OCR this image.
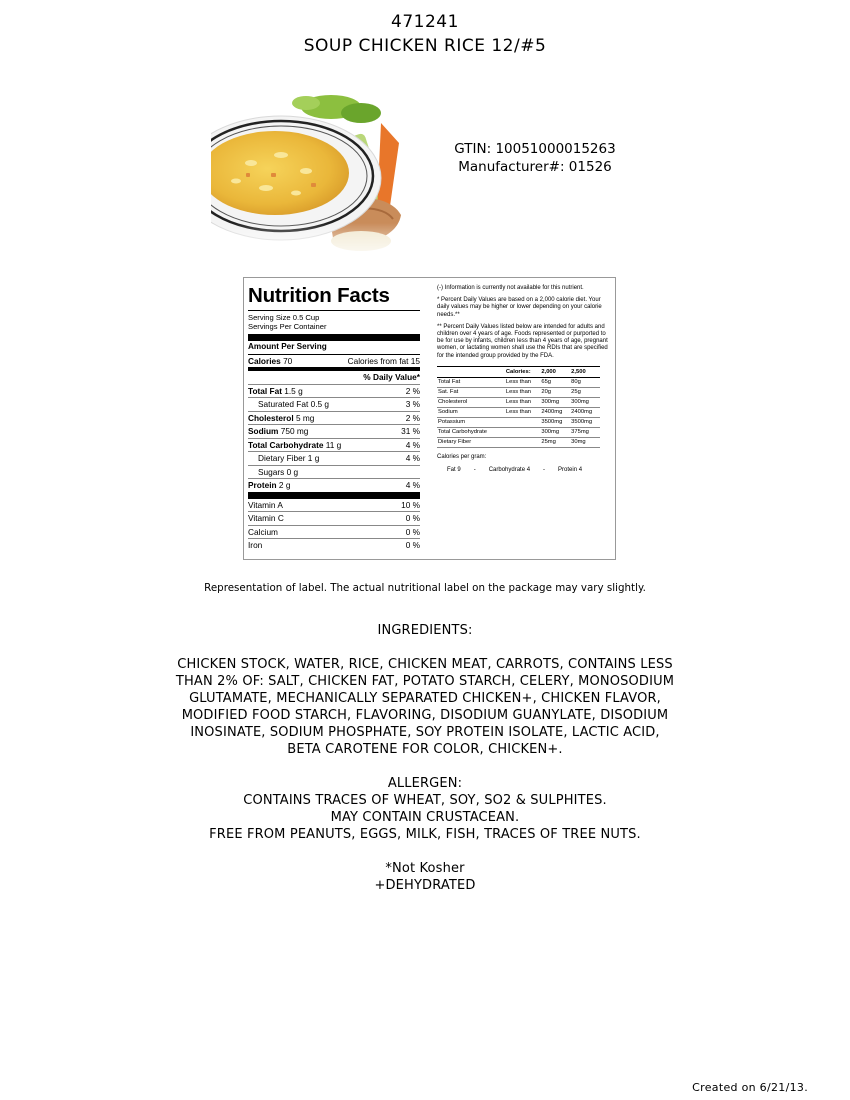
471241
SOUP CHICKEN RICE 12/#5
GTIN: 10051000015263
Manufacturer#: 01526
Nutrition Facts
Serving Size 0.5 Cup
Servings Per Container
Amount Per Serving
Calories 70	Calories from fat 15
% Daily Value*
Total Fat 1.5 g	2 %
Saturated Fat 0.5 g	3 %
Cholesterol 5 mg	2 %
Sodium 750 mg	31 %
Total Carbohydrate 11 g	4 %
Dietary Fiber 1 g	4 %
Sugars 0 g
Protein 2 g	4 %
Vitamin A	10 %
Vitamin C	0 %
Calcium	0 %
Iron	0 %

(-) Information is currently not available for this nutrient.

* Percent Daily Values are based on a 2,000 calorie diet. Your daily values may be higher or lower depending on your calorie needs.**

** Percent Daily Values listed below are intended for adults and children over 4 years of age. Foods represented or purported to be for use by infants, children less than 4 years of age, pregnant women, or lactating women shall use the RDIs that are specified for the intended group provided by the FDA.

	Calories:	2,000	2,500
Total Fat	Less than	65g	80g
Sat. Fat	Less than	20g	25g
Cholesterol	Less than	300mg	300mg
Sodium	Less than	2400mg	2400mg
Potassium		3500mg	3500mg
Total Carbohydrate		300mg	375mg
Dietary Fiber		25mg	30mg
Calories per gram:
Fat 9 - Carbohydrate 4 - Protein 4
Representation of label. The actual nutritional label on the package may vary slightly.
INGREDIENTS:
CHICKEN STOCK, WATER, RICE, CHICKEN MEAT, CARROTS, CONTAINS LESS
THAN 2% OF: SALT, CHICKEN FAT, POTATO STARCH, CELERY, MONOSODIUM
GLUTAMATE, MECHANICALLY SEPARATED CHICKEN+, CHICKEN FLAVOR,
MODIFIED FOOD STARCH, FLAVORING, DISODIUM GUANYLATE, DISODIUM
INOSINATE, SODIUM PHOSPHATE, SOY PROTEIN ISOLATE, LACTIC ACID,
BETA CAROTENE FOR COLOR, CHICKEN+.
ALLERGEN:
CONTAINS TRACES OF WHEAT, SOY, SO2 & SULPHITES.
MAY CONTAIN CRUSTACEAN.
FREE FROM PEANUTS, EGGS, MILK, FISH, TRACES OF TREE NUTS.
*Not Kosher
+DEHYDRATED
Created on 6/21/13.
